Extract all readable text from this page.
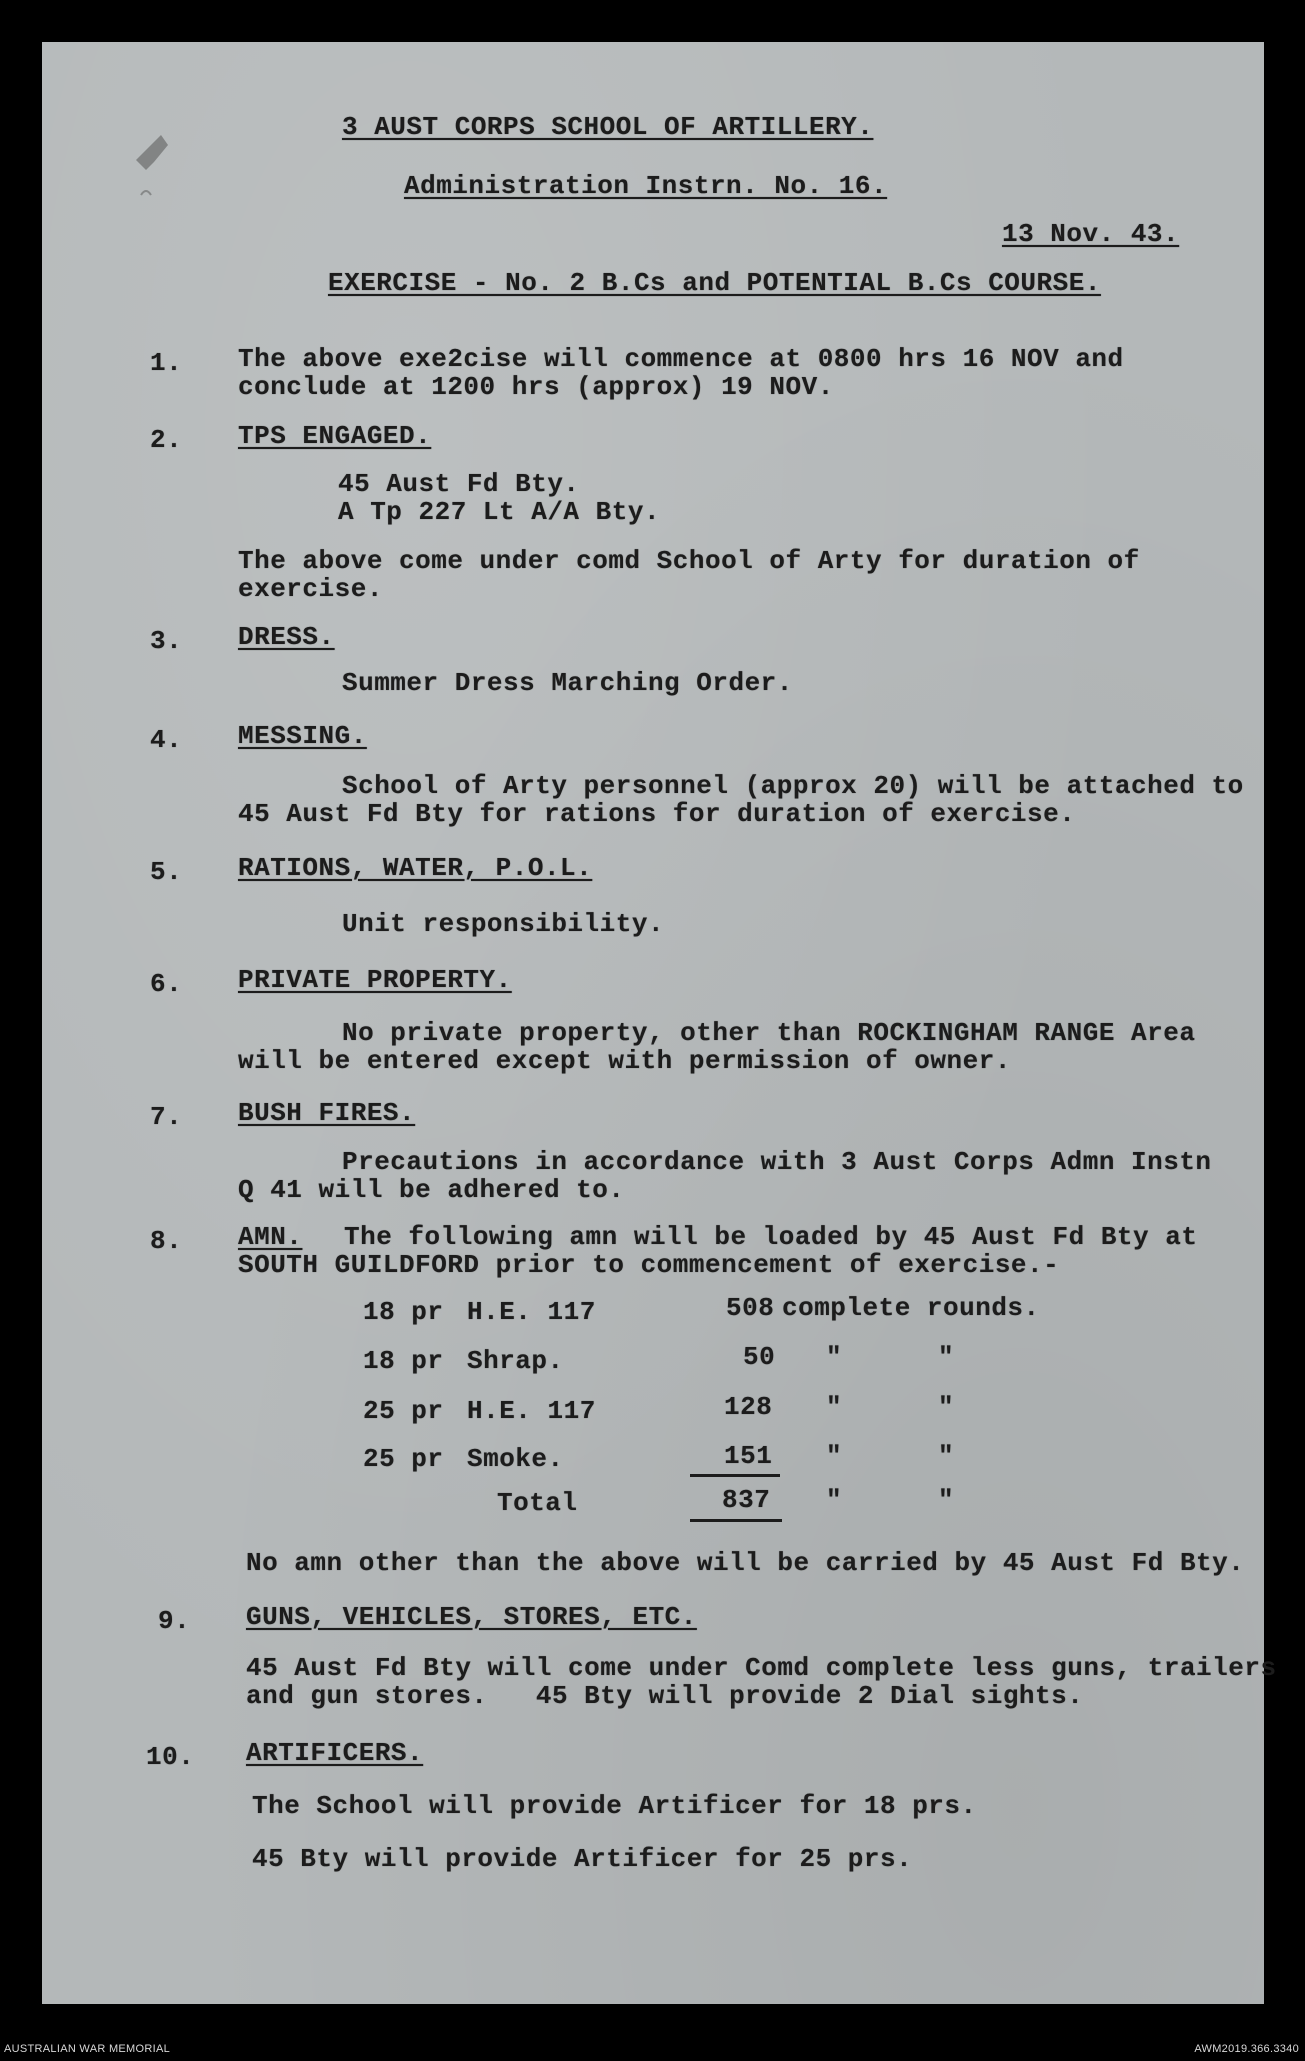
3 AUST CORPS SCHOOL OF ARTILLERY.
Administration Instrn. No. 16.
13 Nov. 43.
EXERCISE - No. 2 B.Cs and POTENTIAL B.Cs COURSE.
1. The above exe2cise will commence at 0800 hrs 16 NOV and
conclude at 1200 hrs (approx) 19 NOV.
2. TPS ENGAGED.
45 Aust Fd Bty.
A Tp 227 Lt A/A Bty.
The above come under comd School of Arty for duration of
exercise.
3. DRESS.
Summer Dress Marching Order.
4. MESSING.
School of Arty personnel (approx 20) will be attached to
45 Aust Fd Bty for rations for duration of exercise.
5. RATIONS, WATER, P.O.L.
Unit responsibility.
6. PRIVATE PROPERTY.
No private property, other than ROCKINGHAM RANGE Area
will be entered except with permission of owner.
7. BUSH FIRES.
Precautions in accordance with 3 Aust Corps Admn Instn
Q 41 will be adhered to.
8. AMN. The following amn will be loaded by 45 Aust Fd Bty at
SOUTH GUILDFORD prior to commencement of exercise.-
18 pr H.E. 117	508 complete rounds.
18 pr Shrap.	50 "	"
25 pr H.E. 117	128 "	"
25 pr Smoke.	151 "	"
Total	837 "	"
No amn other than the above will be carried by 45 Aust Fd Bty.
9. GUNS, VEHICLES, STORES, ETC.
45 Aust Fd Bty will come under Comd complete less guns, trailers
and gun stores.   45 Bty will provide 2 Dial sights.
10. ARTIFICERS.
The School will provide Artificer for 18 prs.
45 Bty will provide Artificer for 25 prs.
AUSTRALIAN WAR MEMORIAL	AWM2019.366.3340
